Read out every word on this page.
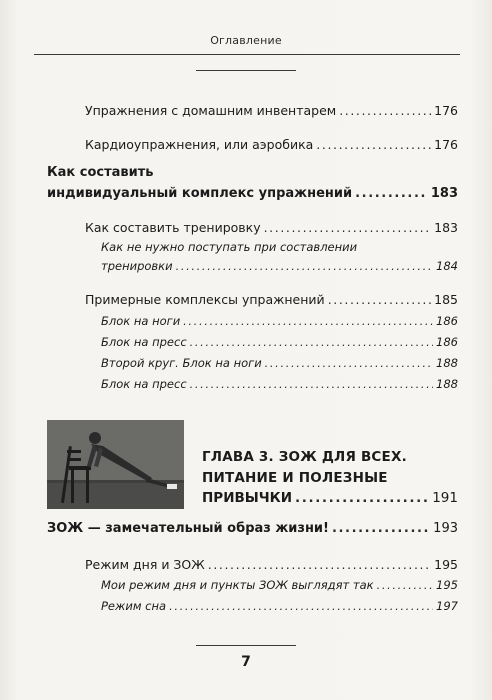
Оглавление
Упражнения с домашним инвентарем .....	176
Кардиоупражнения, или аэробика .....	176
Как составить
индивидуальный комплекс упражнений .....	183
Как составить тренировку .....	183
Как не нужно поступать при составлении
тренировки .....	184
Примерные комплексы упражнений .....	185
Блок на ноги .....	186
Блок на пресс .....	186
Второй круг. Блок на ноги .....	188
Блок на пресс .....	188
ГЛАВА 3. ЗОЖ ДЛЯ ВСЕХ.
ПИТАНИЕ И ПОЛЕЗНЫЕ
ПРИВЫЧКИ .....	191
ЗОЖ — замечательный образ жизни! .....	193
Режим дня и ЗОЖ .....	195
Мои режим дня и пункты ЗОЖ выглядят так .....	195
Режим сна .....	197
7
